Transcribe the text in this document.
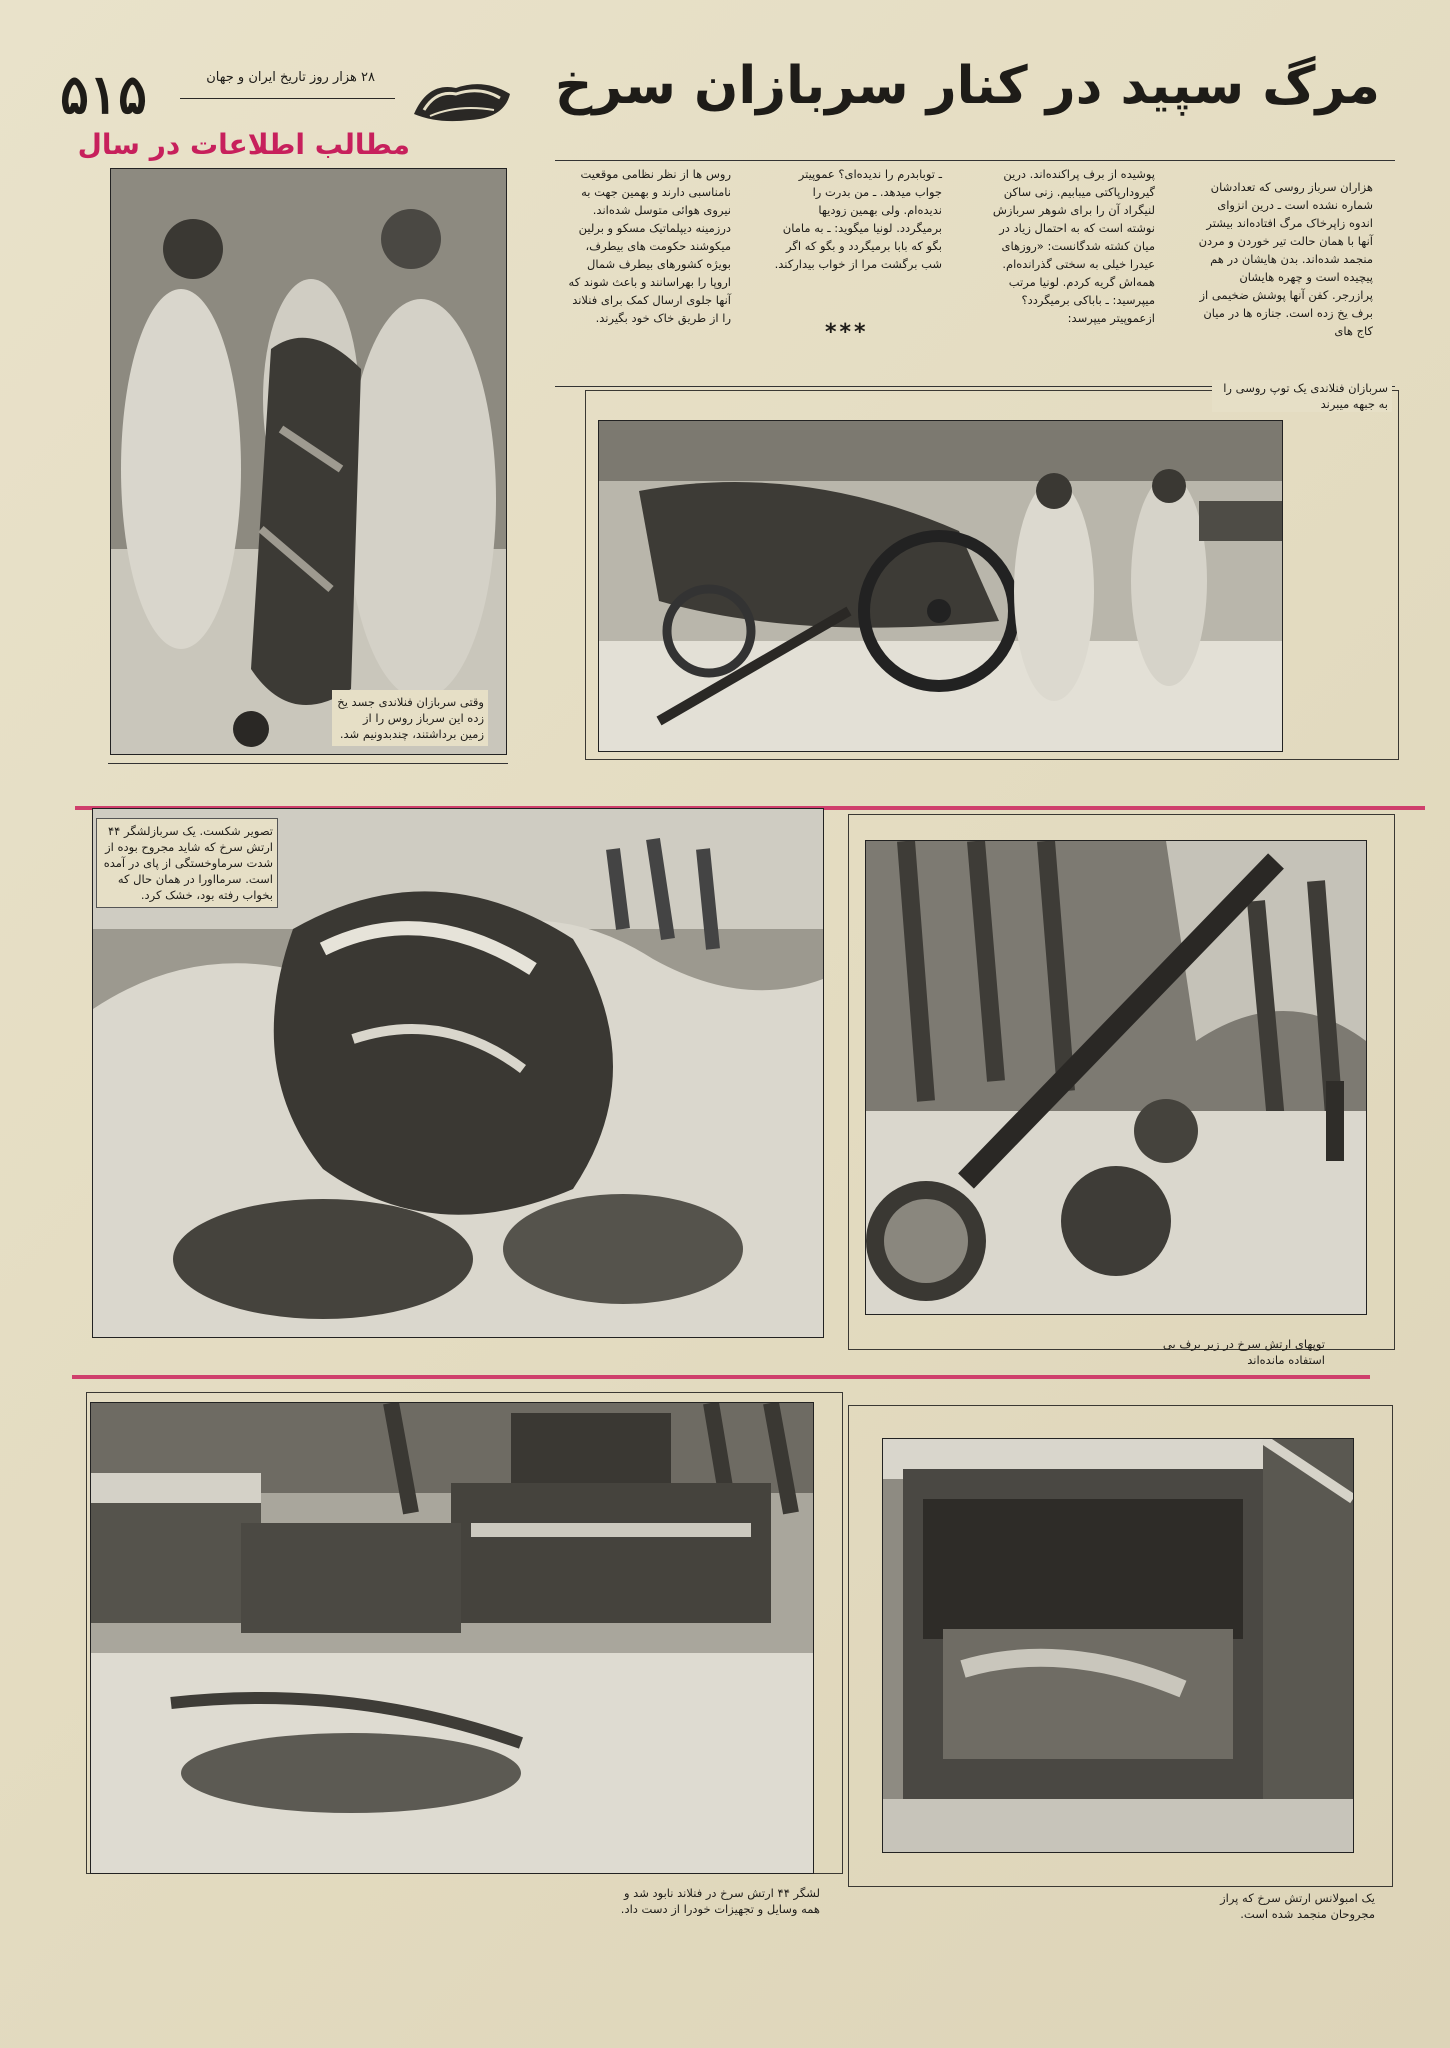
۵۱۵	۲۸ هزار روز تاریخ ایران و جهان	مرگ سپید در کنار سربازان سرخ
مطالب اطلاعات در سال

هزاران سرباز روسی که تعدادشان شماره نشده است ـ درین انزوای اندوه زاپرخاک مرگ افتاده‌اند بیشتر آنها با همان حالت تیر خوردن و مردن منجمد شده‌اند. بدن هایشان در هم پیچیده است و چهره هایشان پرازرجر. کفن آنها پوشش ضخیمی از برف یخ زده است. جنازه ها در میان کاج های

پوشیده از برف پراکنده‌اند. درین گیرودارپاکتی میبابیم. زنی ساکن لنیگراد آن را برای شوهر سربازش نوشته است که به احتمال زیاد در میان کشته شدگانست: «روزهای عیدرا خیلی به سختی گذرانده‌ام. همه‌اش گریه کردم. لونیا مرتب میپرسید: ـ باباکی برمیگردد؟ ازعموپیتر میپرسد:

ـ توبابدرم را ندیده‌ای؟ عموپیتر جواب میدهد. ـ من بدرت را ندیده‌ام. ولی بهمین زودیها برمیگردد. لونیا میگوید: ـ به مامان بگو که بابا برمیگردد و بگو که اگر شب برگشت مرا از خواب بیدارکند.

***

روس ها از نظر نظامی موقعیت نامناسبی دارند و بهمین جهت به نیروی هوائی متوسل شده‌اند. درزمینه دیپلماتیک مسکو و برلین میکوشند حکومت های بیطرف، بویژه کشورهای بیطرف شمال اروپا را بهراسانند و باعث شوند که آنها جلوی ارسال کمک برای فنلاند را از طریق خاک خود بگیرند.

وقتی سربازان فنلاندی جسد یخ زده این سرباز روس را از زمین برداشتند، چندبدونیم شد.
سربازان فنلاندی یک توپ روسی را به جبهه میبرند
تصویر شکست. یک سربازلشگر ۴۴ ارتش سرخ که شاید مجروح بوده از شدت سرماوخستگی از پای در آمده است. سرمااورا در همان حال که بخواب رفته بود، خشک کرد.
توپهای ارتش سرخ در زیر برف بی استفاده مانده‌اند
لشگر ۴۴ ارتش سرخ در فنلاند نابود شد و همه وسایل و تجهیزات خودرا از دست داد.
یک امبولانس ارتش سرخ که پراز مجروحان منجمد شده است.
